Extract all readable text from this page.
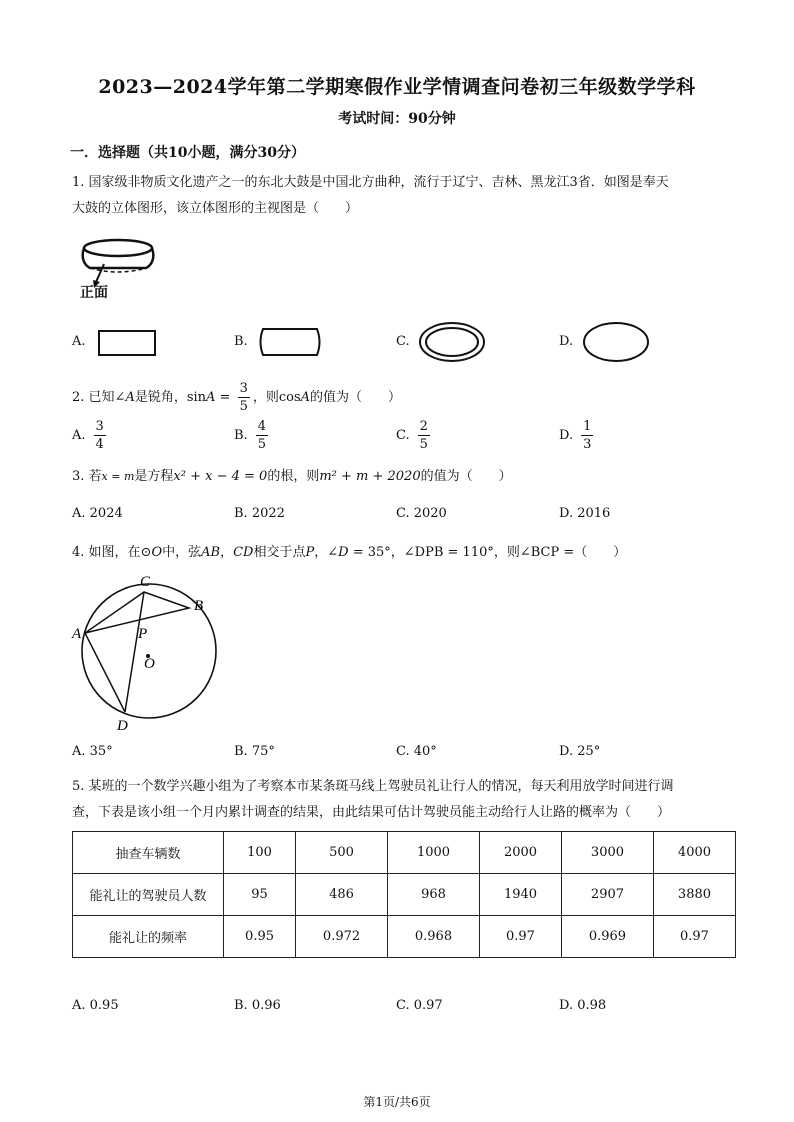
2023—2024学年第二学期寒假作业学情调查问卷初三年级数学学科
考试时间：90分钟
一．选择题（共10小题，满分30分）
1. 国家级非物质文化遗产之一的东北大鼓是中国北方曲种，流行于辽宁、吉林、黑龙江3省．如图是奉天
大鼓的立体图形，该立体图形的主视图是（　　）
正面
A.	B.	C.	D.
2. 已知∠A是锐角，$\sin A = \frac{3}{5}$ ，则cosA的值为（　　）
A. $\frac{3}{4}$	B. $\frac{4}{5}$	C. $\frac{2}{5}$	D. $\frac{1}{3}$
3. 若x = m是方程x² + x − 4 = 0的根，则m² + m + 2020的值为（　　）
A. 2024	B. 2022	C. 2020	D. 2016
4. 如图，在⊙O中，弦AB，CD相交于点P，∠D = 35°，∠DPB = 110°，则∠BCP =（　　）
C
B
A	P
O
D
A. 35°	B. 75°	C. 40°	D. 25°
5. 某班的一个数学兴趣小组为了考察本市某条斑马线上驾驶员礼让行人的情况，每天利用放学时间进行调
查，下表是该小组一个月内累计调查的结果，由此结果可估计驾驶员能主动给行人让路的概率为（　　）
抽查车辆数	100	500	1000	2000	3000	4000
能礼让的驾驶员人数	95	486	968	1940	2907	3880
能礼让的频率	0.95	0.972	0.968	0.97	0.969	0.97
A. 0.95	B. 0.96	C. 0.97	D. 0.98
第1页/共6页
